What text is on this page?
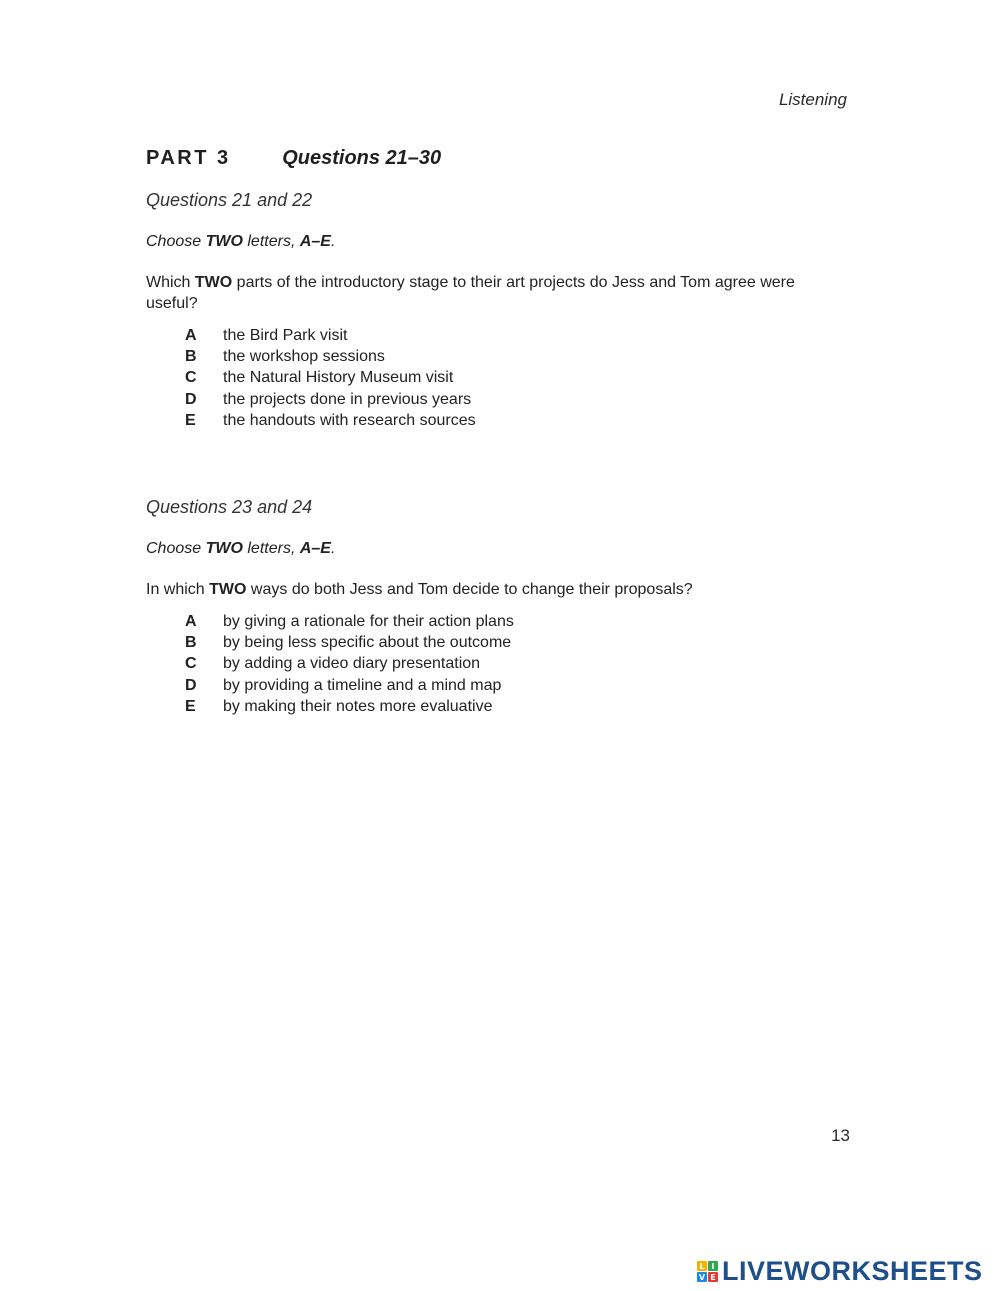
Listening
PART 3	Questions 21–30
Questions 21 and 22
Choose TWO letters, A–E.
Which TWO parts of the introductory stage to their art projects do Jess and Tom agree were useful?
A	the Bird Park visit
B	the workshop sessions
C	the Natural History Museum visit
D	the projects done in previous years
E	the handouts with research sources
Questions 23 and 24
Choose TWO letters, A–E.
In which TWO ways do both Jess and Tom decide to change their proposals?
A	by giving a rationale for their action plans
B	by being less specific about the outcome
C	by adding a video diary presentation
D	by providing a timeline and a mind map
E	by making their notes more evaluative
13
L I
V E LIVEWORKSHEETS
